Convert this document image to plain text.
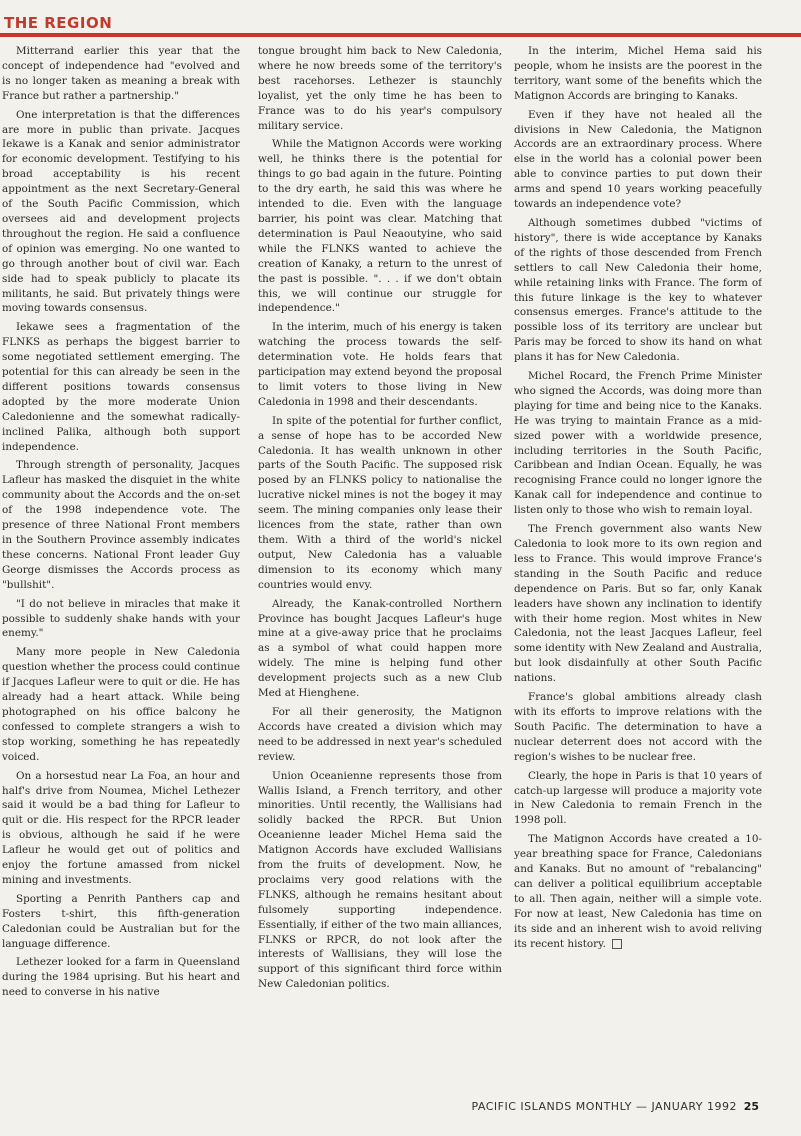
THE REGION

Mitterrand earlier this year that the concept of independence had "evolved and is no longer taken as meaning a break with France but rather a partnership."

One interpretation is that the differences are more in public than private. Jacques Iekawe is a Kanak and senior administrator for economic development. Testifying to his broad acceptability is his recent appointment as the next Secretary-General of the South Pacific Commission, which oversees aid and development projects throughout the region. He said a confluence of opinion was emerging. No one wanted to go through another bout of civil war. Each side had to speak publicly to placate its militants, he said. But privately things were moving towards consensus.

Iekawe sees a fragmentation of the FLNKS as perhaps the biggest barrier to some negotiated settlement emerging. The potential for this can already be seen in the different positions towards consensus adopted by the more moderate Union Caledonienne and the somewhat radically-inclined Palika, although both support independence.

Through strength of personality, Jacques Lafleur has masked the disquiet in the white community about the Accords and the on-set of the 1998 independence vote. The presence of three National Front members in the Southern Province assembly indicates these concerns. National Front leader Guy George dismisses the Accords process as "bullshit".

"I do not believe in miracles that make it possible to suddenly shake hands with your enemy."

Many more people in New Caledonia question whether the process could continue if Jacques Lafleur were to quit or die. He has already had a heart attack. While being photographed on his office balcony he confessed to complete strangers a wish to stop working, something he has repeatedly voiced.

On a horsestud near La Foa, an hour and half's drive from Noumea, Michel Lethezer said it would be a bad thing for Lafleur to quit or die. His respect for the RPCR leader is obvious, although he said if he were Lafleur he would get out of politics and enjoy the fortune amassed from nickel mining and investments.

Sporting a Penrith Panthers cap and Fosters t-shirt, this fifth-generation Caledonian could be Australian but for the language difference.

Lethezer looked for a farm in Queensland during the 1984 uprising. But his heart and need to converse in his native

tongue brought him back to New Caledonia, where he now breeds some of the territory's best racehorses. Lethezer is staunchly loyalist, yet the only time he has been to France was to do his year's compulsory military service.

While the Matignon Accords were working well, he thinks there is the potential for things to go bad again in the future. Pointing to the dry earth, he said this was where he intended to die. Even with the language barrier, his point was clear. Matching that determination is Paul Neaoutyine, who said while the FLNKS wanted to achieve the creation of Kanaky, a return to the unrest of the past is possible. ". . . if we don't obtain this, we will continue our struggle for independence."

In the interim, much of his energy is taken watching the process towards the self-determination vote. He holds fears that participation may extend beyond the proposal to limit voters to those living in New Caledonia in 1998 and their descendants.

In spite of the potential for further conflict, a sense of hope has to be accorded New Caledonia. It has wealth unknown in other parts of the South Pacific. The supposed risk posed by an FLNKS policy to nationalise the lucrative nickel mines is not the bogey it may seem. The mining companies only lease their licences from the state, rather than own them. With a third of the world's nickel output, New Caledonia has a valuable dimension to its economy which many countries would envy.

Already, the Kanak-controlled Northern Province has bought Jacques Lafleur's huge mine at a give-away price that he proclaims as a symbol of what could happen more widely. The mine is helping fund other development projects such as a new Club Med at Hienghene.

For all their generosity, the Matignon Accords have created a division which may need to be addressed in next year's scheduled review.

Union Oceanienne represents those from Wallis Island, a French territory, and other minorities. Until recently, the Wallisians had solidly backed the RPCR. But Union Oceanienne leader Michel Hema said the Matignon Accords have excluded Wallisians from the fruits of development. Now, he proclaims very good relations with the FLNKS, although he remains hesitant about fulsomely supporting independence. Essentially, if either of the two main alliances, FLNKS or RPCR, do not look after the interests of Wallisians, they will lose the support of this significant third force within New Caledonian politics.

In the interim, Michel Hema said his people, whom he insists are the poorest in the territory, want some of the benefits which the Matignon Accords are bringing to Kanaks.

Even if they have not healed all the divisions in New Caledonia, the Matignon Accords are an extraordinary process. Where else in the world has a colonial power been able to convince parties to put down their arms and spend 10 years working peacefully towards an independence vote?

Although sometimes dubbed "victims of history", there is wide acceptance by Kanaks of the rights of those descended from French settlers to call New Caledonia their home, while retaining links with France. The form of this future linkage is the key to whatever consensus emerges. France's attitude to the possible loss of its territory are unclear but Paris may be forced to show its hand on what plans it has for New Caledonia.

Michel Rocard, the French Prime Minister who signed the Accords, was doing more than playing for time and being nice to the Kanaks. He was trying to maintain France as a mid-sized power with a worldwide presence, including territories in the South Pacific, Caribbean and Indian Ocean. Equally, he was recognising France could no longer ignore the Kanak call for independence and continue to listen only to those who wish to remain loyal.

The French government also wants New Caledonia to look more to its own region and less to France. This would improve France's standing in the South Pacific and reduce dependence on Paris. But so far, only Kanak leaders have shown any inclination to identify with their home region. Most whites in New Caledonia, not the least Jacques Lafleur, feel some identity with New Zealand and Australia, but look disdainfully at other South Pacific nations.

France's global ambitions already clash with its efforts to improve relations with the South Pacific. The determination to have a nuclear deterrent does not accord with the region's wishes to be nuclear free.

Clearly, the hope in Paris is that 10 years of catch-up largesse will produce a majority vote in New Caledonia to remain French in the 1998 poll.

The Matignon Accords have created a 10-year breathing space for France, Caledonians and Kanaks. But no amount of "rebalancing" can deliver a political equilibrium acceptable to all. Then again, neither will a simple vote. For now at least, New Caledonia has time on its side and an inherent wish to avoid reliving its recent history.

PACIFIC ISLANDS MONTHLY — JANUARY 1992 25
